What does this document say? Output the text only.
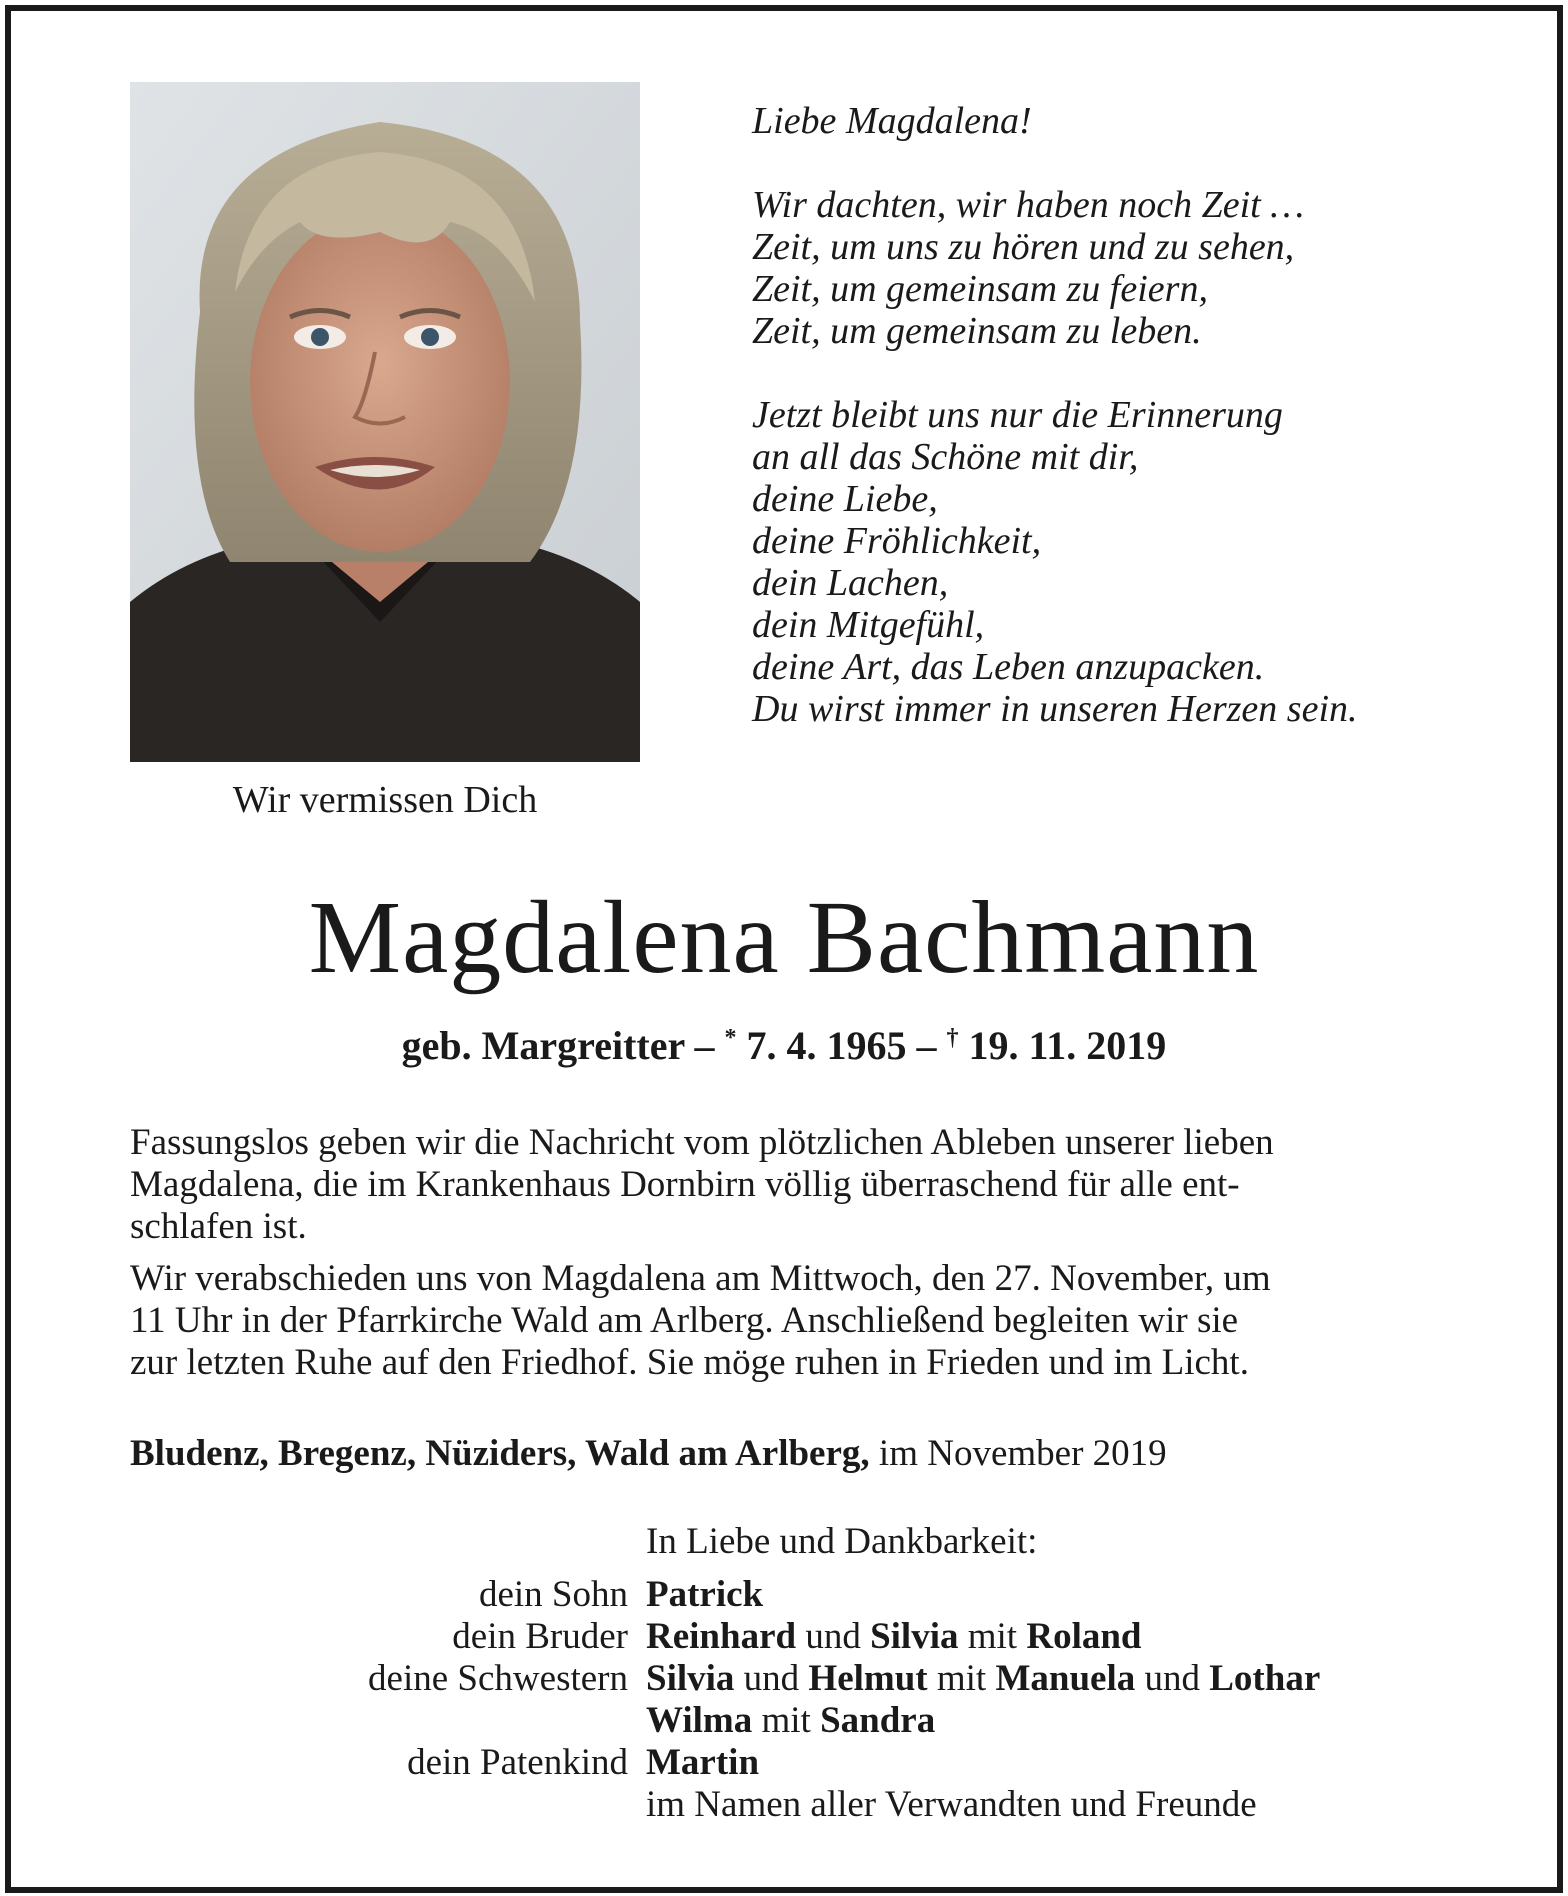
Wir vermissen Dich
Liebe Magdalena!
Wir dachten, wir haben noch Zeit …
Zeit, um uns zu hören und zu sehen,
Zeit, um gemeinsam zu feiern,
Zeit, um gemeinsam zu leben.
Jetzt bleibt uns nur die Erinnerung
an all das Schöne mit dir,
deine Liebe,
deine Fröhlichkeit,
dein Lachen,
dein Mitgefühl,
deine Art, das Leben anzupacken.
Du wirst immer in unseren Herzen sein.
Magdalena Bachmann
geb. Margreitter – * 7. 4. 1965 – † 19. 11. 2019
Fassungslos geben wir die Nachricht vom plötzlichen Ableben unserer lieben
Magdalena, die im Krankenhaus Dornbirn völlig überraschend für alle ent-
schlafen ist.
Wir verabschieden uns von Magdalena am Mittwoch, den 27. November, um
11 Uhr in der Pfarrkirche Wald am Arlberg. Anschließend begleiten wir sie
zur letzten Ruhe auf den Friedhof. Sie möge ruhen in Frieden und im Licht.
Bludenz, Bregenz, Nüziders, Wald am Arlberg, im November 2019
In Liebe und Dankbarkeit:
dein Sohn Patrick
dein Bruder Reinhard und Silvia mit Roland
deine Schwestern Silvia und Helmut mit Manuela und Lothar
Wilma mit Sandra
dein Patenkind Martin
im Namen aller Verwandten und Freunde
